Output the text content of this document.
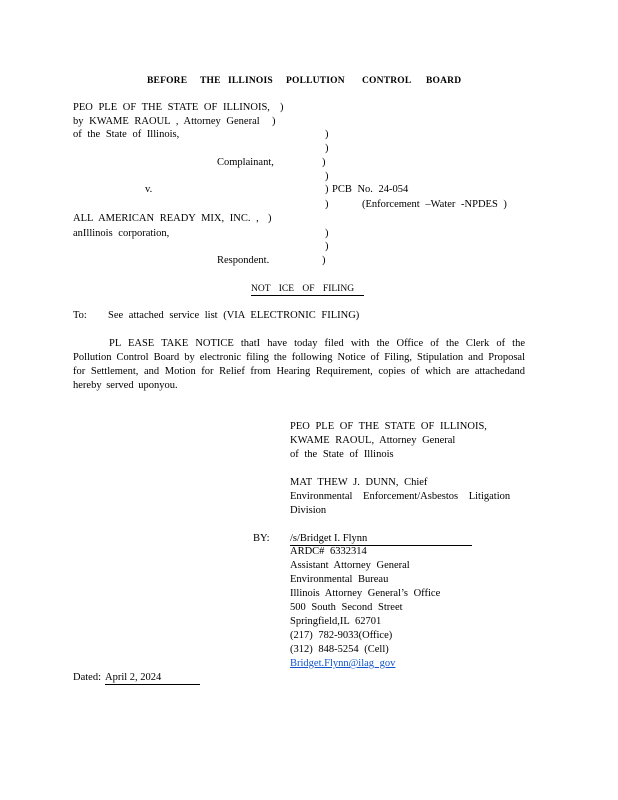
BEFORE THE ILLINOIS POLLUTION CONTROL BOARD
PEO PLE OF THE STATE OF ILLINOIS, )
by KWAME RAOUL , Attorney General )
of the State of Illinois,
Complainant,
v.
ALL AMERICAN READY MIX, INC. , )
anIllinois corporation,
Respondent.
)
)
)
)
) PCB No. 24-054
)	(Enforcement –Water -NPDES )
)
)
)
NOT ICE OF FILING
To: See attached service list (VIA ELECTRONIC FILING)
PL EASE TAKE NOTICE thatI have today filed with the Office of the Clerk of the Pollution Control Board by electronic filing the following Notice of Filing, Stipulation and Proposal for Settlement, and Motion for Relief from Hearing Requirement, copies of which are attachedand hereby served uponyou.
PEO PLE OF THE STATE OF ILLINOIS,
KWAME RAOUL, Attorney General
of the State of Illinois
MAT THEW J. DUNN, Chief
Environmental Enforcement/Asbestos Litigation
Division
BY: /s/Bridget I. Flynn
ARDC# 6332314
Assistant Attorney General
Environmental Bureau
Illinois Attorney General’s Office
500 South Second Street
Springfield,IL 62701
(217) 782-9033(Office)
(312) 848-5254 (Cell)
Bridget.Flynn@ilag gov
Dated: April 2, 2024
